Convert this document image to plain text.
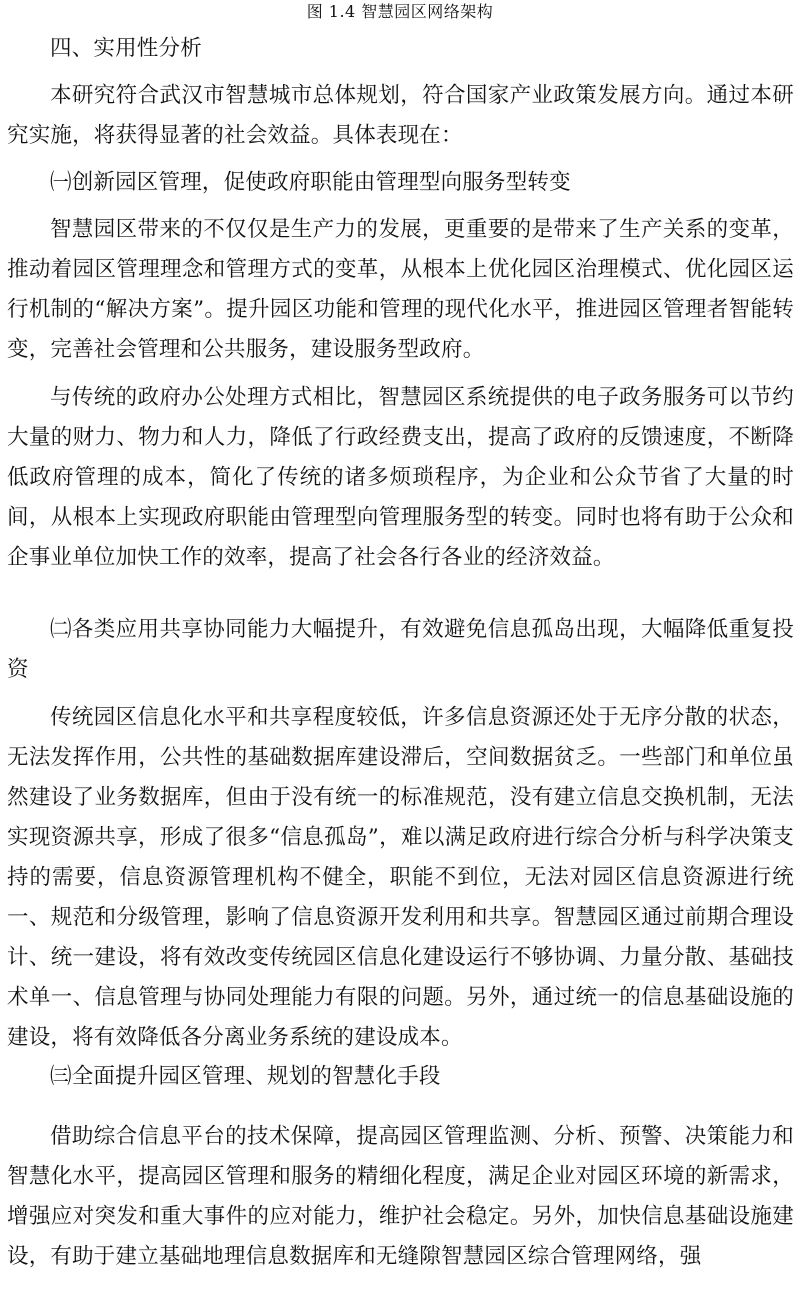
图 1.4 智慧园区网络架构

四、实用性分析

本研究符合武汉市智慧城市总体规划，符合国家产业政策发展方向。通过本研究实施，将获得显著的社会效益。具体表现在：

㈠创新园区管理，促使政府职能由管理型向服务型转变

智慧园区带来的不仅仅是生产力的发展，更重要的是带来了生产关系的变革，推动着园区管理理念和管理方式的变革，从根本上优化园区治理模式、优化园区运行机制的“解决方案”。提升园区功能和管理的现代化水平，推进园区管理者智能转变，完善社会管理和公共服务，建设服务型政府。

与传统的政府办公处理方式相比，智慧园区系统提供的电子政务服务可以节约大量的财力、物力和人力，降低了行政经费支出，提高了政府的反馈速度，不断降低政府管理的成本，简化了传统的诸多烦琐程序，为企业和公众节省了大量的时间，从根本上实现政府职能由管理型向管理服务型的转变。同时也将有助于公众和企事业单位加快工作的效率，提高了社会各行各业的经济效益。

㈡各类应用共享协同能力大幅提升，有效避免信息孤岛出现，大幅降低重复投资

传统园区信息化水平和共享程度较低，许多信息资源还处于无序分散的状态，无法发挥作用，公共性的基础数据库建设滞后，空间数据贫乏。一些部门和单位虽然建设了业务数据库，但由于没有统一的标准规范，没有建立信息交换机制，无法实现资源共享，形成了很多“信息孤岛”，难以满足政府进行综合分析与科学决策支持的需要，信息资源管理机构不健全，职能不到位，无法对园区信息资源进行统一、规范和分级管理，影响了信息资源开发利用和共享。智慧园区通过前期合理设计、统一建设，将有效改变传统园区信息化建设运行不够协调、力量分散、基础技术单一、信息管理与协同处理能力有限的问题。另外，通过统一的信息基础设施的建设，将有效降低各分离业务系统的建设成本。

㈢全面提升园区管理、规划的智慧化手段

借助综合信息平台的技术保障，提高园区管理监测、分析、预警、决策能力和智慧化水平，提高园区管理和服务的精细化程度，满足企业对园区环境的新需求，增强应对突发和重大事件的应对能力，维护社会稳定。另外，加快信息基础设施建设，有助于建立基础地理信息数据库和无缝隙智慧园区综合管理网络，强
